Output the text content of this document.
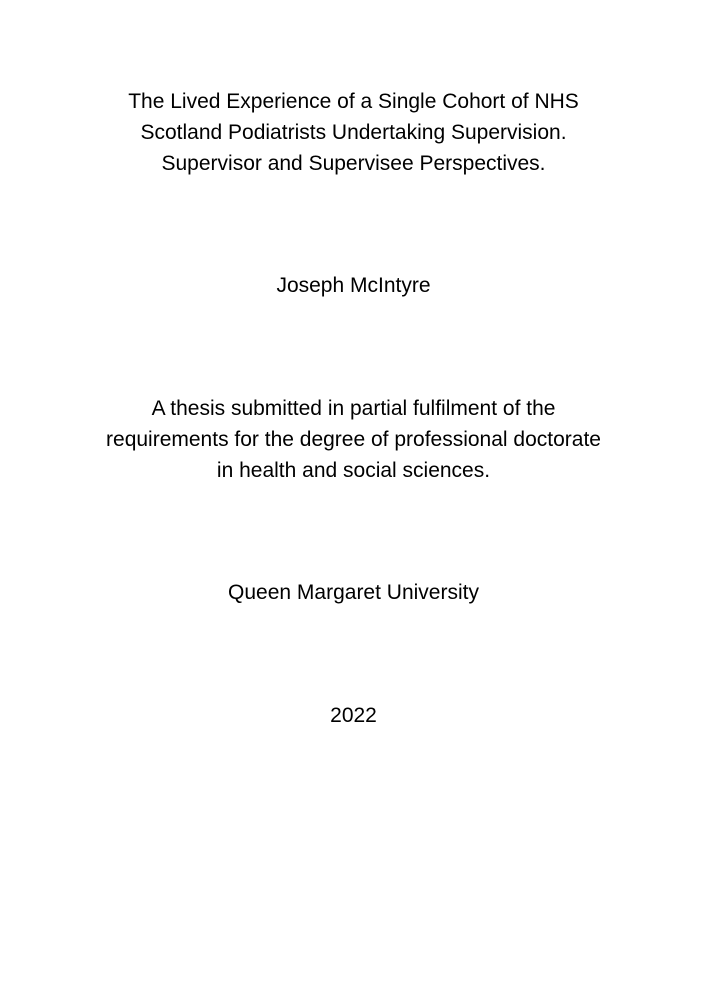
The Lived Experience of a Single Cohort of NHS
Scotland Podiatrists Undertaking Supervision.
Supervisor and Supervisee Perspectives.
Joseph McIntyre
A thesis submitted in partial fulfilment of the
requirements for the degree of professional doctorate
in health and social sciences.
Queen Margaret University
2022
